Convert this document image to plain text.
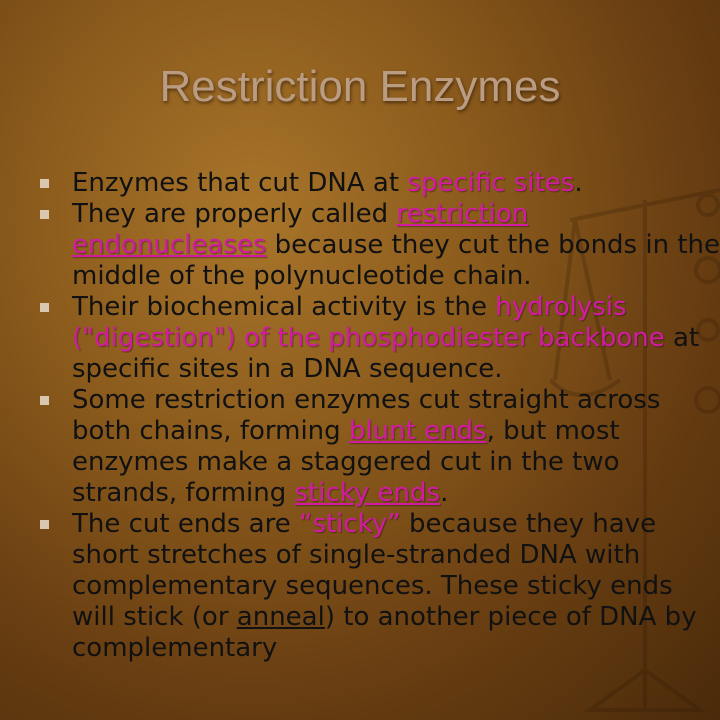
Restriction Enzymes
Enzymes that cut DNA at specific sites.
They are properly called restriction endonucleases because they cut the bonds in the middle of the polynucleotide chain.
Their biochemical activity is the hydrolysis ("digestion") of the phosphodiester backbone at specific sites in a DNA sequence.
Some restriction enzymes cut straight across both chains, forming blunt ends, but most enzymes make a staggered cut in the two strands, forming sticky ends.
The cut ends are “sticky” because they have short stretches of single-stranded DNA with complementary sequences. These sticky ends will stick (or anneal) to another piece of DNA by complementary
